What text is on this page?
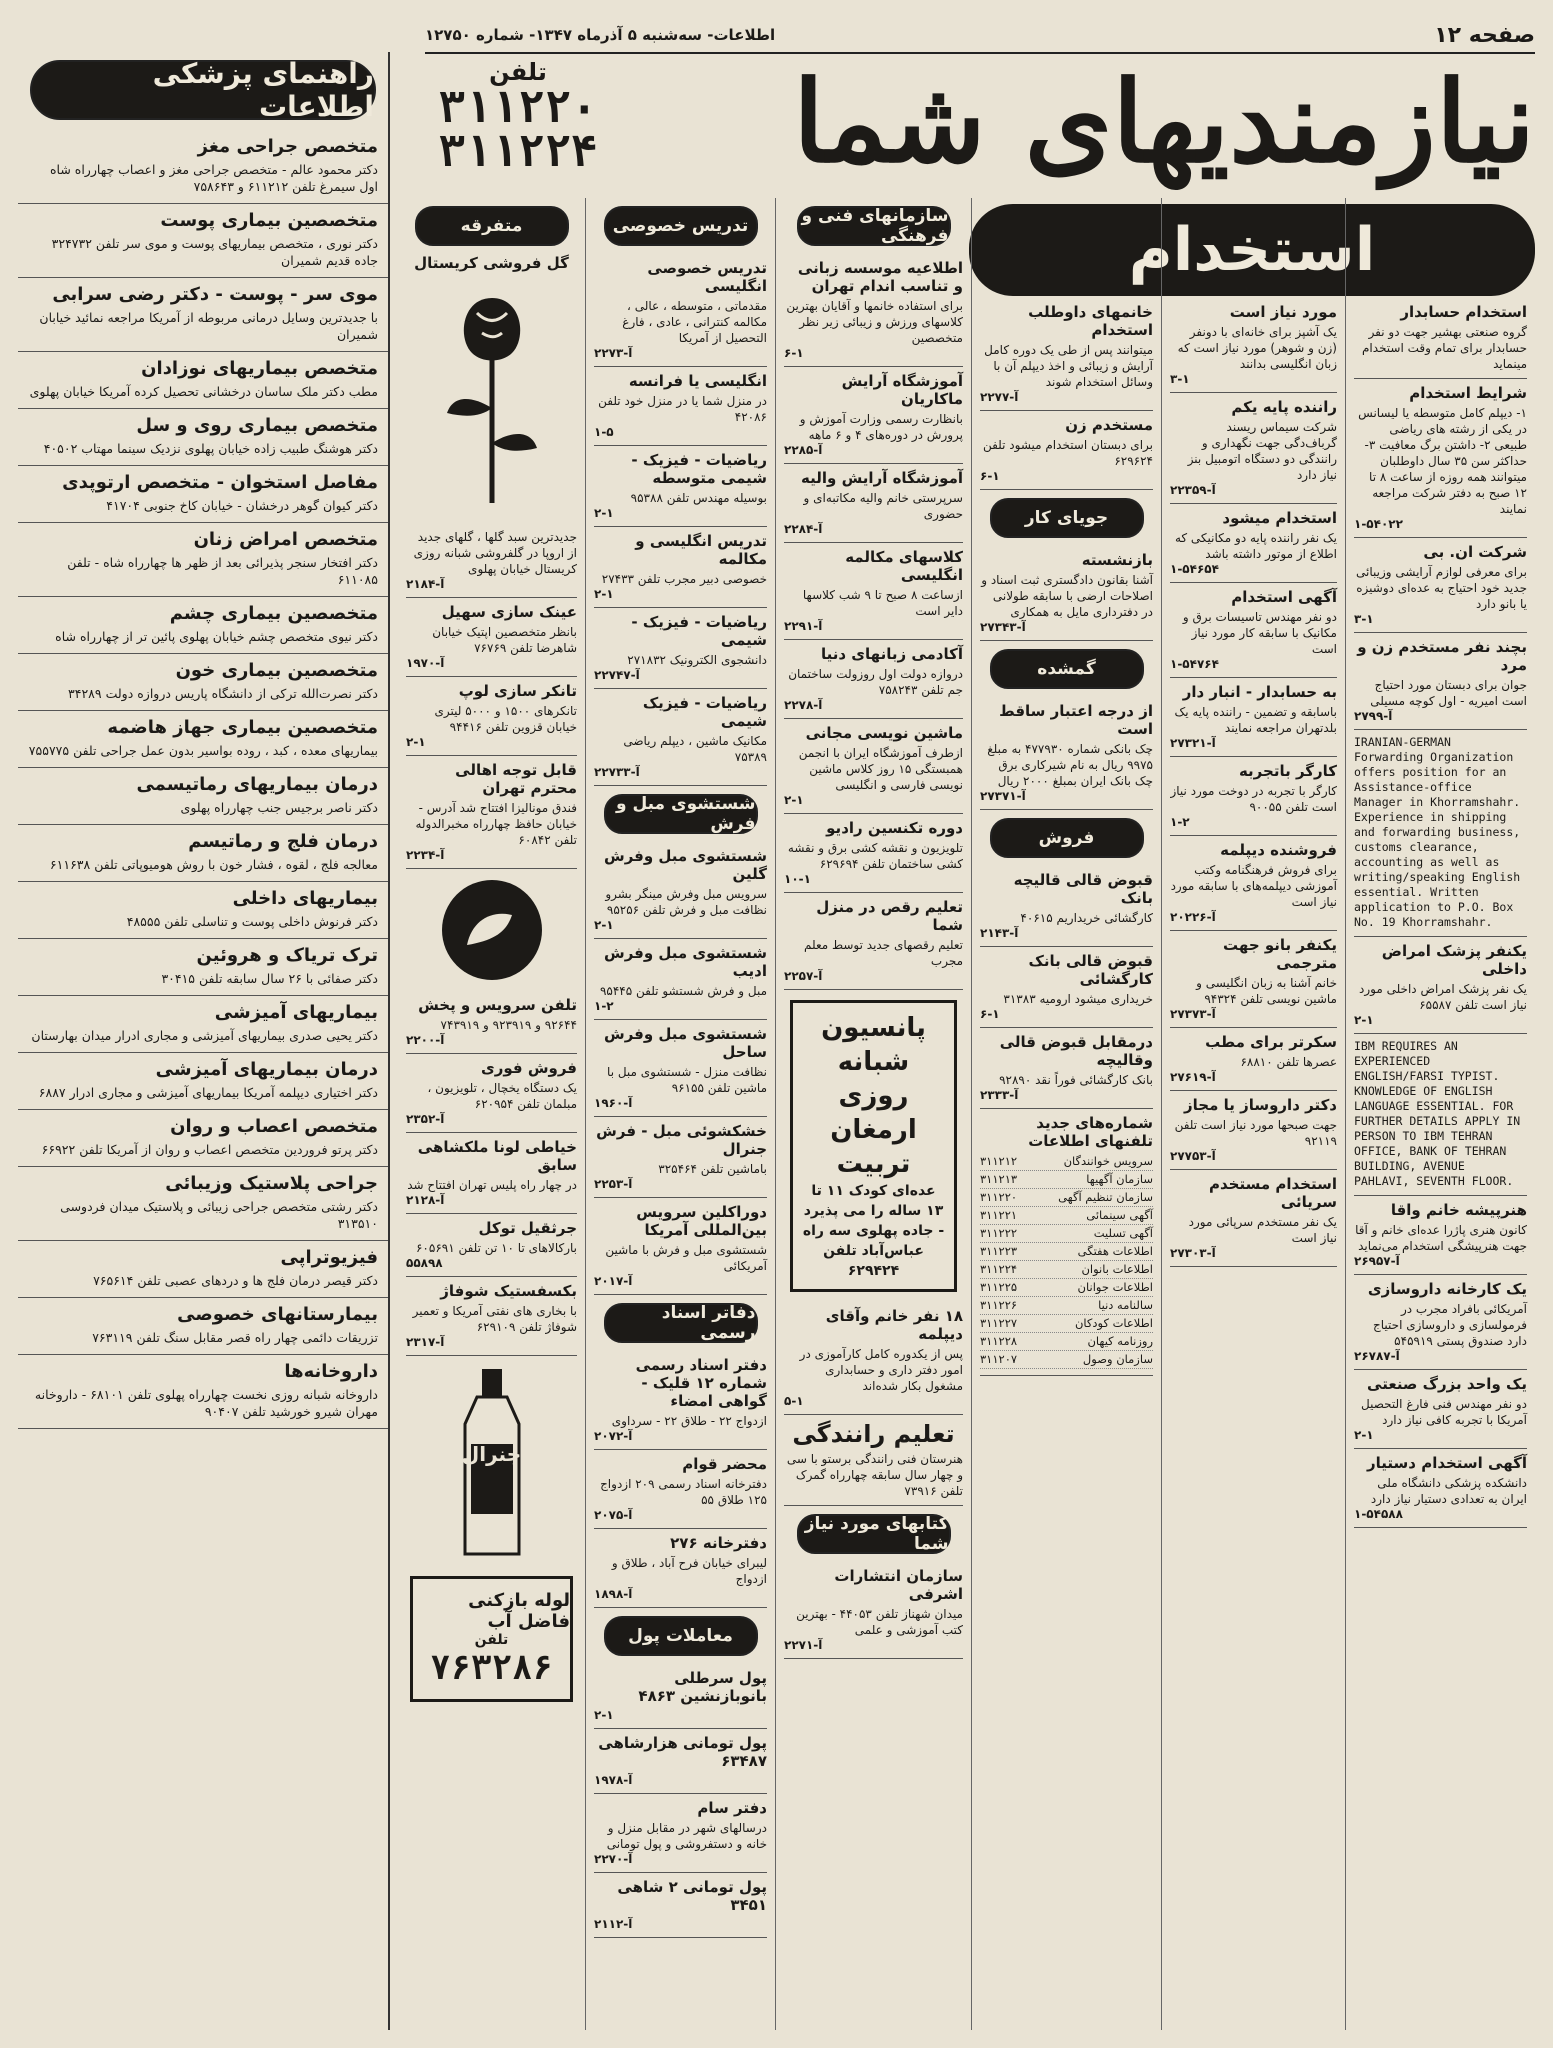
صفحه ۱۲
اطلاعات- سه‌شنبه ۵ آذرماه ۱۳۴۷- شماره ۱۲۷۵۰
نیازمندیهای شما
تلفن
۳۱۱۲۲۰
۳۱۱۲۲۴
راهنمای پزشکی اطلاعات
متخصص جراحی مغز

دکتر محمود عالم - متخصص جراحی مغز و اعصاب چهارراه شاه اول سیمرغ تلفن ۶۱۱۲۱۲ و ۷۵۸۶۴۳

متخصصین بیماری پوست

دکتر نوری ، متخصص بیماریهای پوست و موی سر تلفن ۳۲۴۷۳۲ جاده قدیم شمیران

موی سر - پوست - دکتر رضی سرابی

با جدیدترین وسایل درمانی مربوطه از آمریکا مراجعه نمائید خیابان شمیران

متخصص بیماریهای نوزادان

مطب دکتر ملک ساسان درخشانی تحصیل کرده آمریکا خیابان پهلوی

متخصص بیماری روی و سل

دکتر هوشنگ طبیب زاده خیابان پهلوی نزدیک سینما مهتاب ۴۰۵۰۲

مفاصل استخوان - متخصص ارتوپدی

دکتر کیوان گوهر درخشان - خیابان کاخ جنوبی ۴۱۷۰۴

متخصص امراض زنان

دکتر افتخار سنجر پذیرائی بعد از ظهر ها چهارراه شاه - تلفن ۶۱۱۰۸۵

متخصصین بیماری چشم

دکتر نیوی متخصص چشم خیابان پهلوی پائین تر از چهارراه شاه

متخصصین بیماری خون

دکتر نصرت‌الله ترکی از دانشگاه پاریس دروازه دولت ۳۴۲۸۹

متخصصین بیماری جهاز هاضمه

بیماریهای معده ، کبد ، روده بواسیر بدون عمل جراحی تلفن ۷۵۵۷۷۵

درمان بیماریهای رماتیسمی

دکتر ناصر برجیس جنب چهارراه پهلوی

درمان فلج و رماتیسم

معالجه فلج ، لقوه ، فشار خون با روش هومیوپاتی تلفن ۶۱۱۶۳۸

بیماریهای داخلی

دکتر فرنوش داخلی پوست و تناسلی تلفن ۴۸۵۵۵

ترک تریاک و هروئین

دکتر صفائی با ۲۶ سال سابقه تلفن ۳۰۴۱۵

بیماریهای آمیزشی

دکتر یحیی صدری بیماریهای آمیزشی و مجاری ادرار میدان بهارستان

درمان بیماریهای آمیزشی

دکتر اختیاری دیپلمه آمریکا بیماریهای آمیزشی و مجاری ادرار ۶۸۸۷

متخصص اعصاب و روان

دکتر پرتو فروردین متخصص اعصاب و روان از آمریکا تلفن ۶۶۹۲۲

جراحی پلاستیک وزیبائی

دکتر رشتی متخصص جراحی زیبائی و پلاستیک میدان فردوسی ۳۱۳۵۱۰

فیزیوتراپی

دکتر قیصر درمان فلج ها و دردهای عصبی تلفن ۷۶۵۶۱۴

بیمارستانهای خصوصی

تزریقات دائمی چهار راه قصر مقابل سنگ تلفن ۷۶۳۱۱۹

داروخانه‌ها

داروخانه شبانه روزی نخست چهارراه پهلوی تلفن ۶۸۱۰۱ - داروخانه مهران شیرو خورشید تلفن ۹۰۴۰۷

استخدام
استخدام حسابدار

گروه صنعتی بهشیر جهت دو نفر حسابدار برای تمام وقت استخدام مینماید

شرایط استخدام

۱- دیپلم کامل متوسطه یا لیسانس در یکی از رشته های ریاضی طبیعی ۲- داشتن برگ معافیت ۳- حداکثر سن ۳۵ سال داوطلبان میتوانند همه روزه از ساعت ۸ تا ۱۲ صبح به دفتر شرکت مراجعه نمایند

۱-۵۴۰۲۲
شرکت ان. بی

برای معرفی لوازم آرایشی وزیبائی جدید خود احتیاج به عده‌ای دوشیزه یا بانو دارد

۳-۱
بچند نفر مستخدم زن و مرد

جوان برای دبستان مورد احتیاج است امیریه - اول کوچه مسیلی

۲۷۹۹-آ

IRANIAN-GERMAN Forwarding Organization offers position for an Assistance-office Manager in Khorramshahr. Experience in shipping and forwarding business, customs clearance, accounting as well as writing/speaking English essential. Written application to P.O. Box No. 19 Khorramshahr.

یکنفر پزشک امراض داخلی

یک نفر پزشک امراض داخلی مورد نیاز است تلفن ۶۵۵۸۷

۲-۱

IBM REQUIRES AN EXPERIENCED ENGLISH/FARSI TYPIST. KNOWLEDGE OF ENGLISH LANGUAGE ESSENTIAL. FOR FURTHER DETAILS APPLY IN PERSON TO IBM TEHRAN OFFICE, BANK OF TEHRAN BUILDING, AVENUE PAHLAVI, SEVENTH FLOOR.

هنرپیشه خانم واقا

کانون هنری پاژرا عده‌ای خانم و آقا جهت هنرپیشگی استخدام می‌نماید

۲۶۹۵۷-آ
یک کارخانه داروسازی

آمریکائی بافراد مجرب در فرمولسازی و داروسازی احتیاج دارد صندوق پستی ۵۴۵۹۱۹

۲۶۷۸۷-آ
یک واحد بزرگ صنعتی

دو نفر مهندس فنی فارغ التحصیل آمریکا با تجربه کافی نیاز دارد

۲-۱
آگهی استخدام دستیار

دانشکده پزشکی دانشگاه ملی ایران به تعدادی دستیار نیاز دارد

۱-۵۴۵۸۸
مورد نیاز است

یک آشپز برای خانه‌ای با دونفر (زن و شوهر) مورد نیاز است که زبان انگلیسی بدانند

۳-۱
راننده پایه یکم

شرکت سیماس ریسند گرباف‌دگی جهت نگهداری و رانندگی دو دستگاه اتومبیل بنز نیاز دارد

۲۲۳۵۹-آ
استخدام میشود

یک نفر راننده پایه دو مکانیکی که اطلاع از موتور داشته باشد

۱-۵۴۶۵۴
آگهی استخدام

دو نفر مهندس تاسیسات برق و مکانیک با سابقه کار مورد نیاز است

۱-۵۴۷۶۴
به حسابدار - انبار دار

باسابقه و تضمین - راننده پایه یک بلدتهران مراجعه نمایند

۲۷۳۲۱-آ
کارگر باتجربه

کارگر با تجربه در دوخت مورد نیاز است تلفن ۹۰۰۵۵

۱-۲
فروشنده دیپلمه

برای فروش فرهنگنامه وکتب آموزشی دیپلمه‌های با سابقه مورد نیاز است

۲۰۲۲۶-آ
یکنفر بانو جهت مترجمی

خانم آشنا به زبان انگلیسی و ماشین نویسی تلفن ۹۴۳۲۴

۲۷۳۷۳-آ
سکرتر برای مطب

عصرها تلفن ۶۸۸۱۰

۲۷۶۱۹-آ
دکتر داروساز یا مجاز

جهت صبحها مورد نیاز است تلفن ۹۲۱۱۹

۲۷۷۵۳-آ
استخدام مستخدم سریائی

یک نفر مستخدم سرپائی مورد نیاز است

۲۷۳۰۳-آ
خانمهای داوطلب استخدام

میتوانند پس از طی یک دوره کامل آرایش و زیبائی و اخذ دیپلم آن با وسائل استخدام شوند

۲۲۷۷-آ
مستخدم زن

برای دبستان استخدام میشود تلفن ۶۲۹۶۲۴

۶-۱
جویای کار
بازنشسته

آشنا بقانون دادگستری ثبت اسناد و اصلاحات ارضی با سابقه طولانی در دفترداری مایل به همکاری

۲۷۳۴۳-آ
گمشده
از درجه اعتبار ساقط است

چک بانکی شماره ۴۷۷۹۳۰ به مبلغ ۹۹۷۵ ریال به نام شیرکاری برق چک بانک ایران بمبلغ ۲۰۰۰ ریال

۲۷۳۷۱-آ
فروش
قبوض قالی قالیچه بانک

کارگشائی خریداریم ۴۰۶۱۵

۲۱۴۳-آ
قبوض قالی بانک کارگشائی

خریداری میشود ارومیه ۳۱۳۸۳

۶-۱
درمقابل قبوض قالی وقالیچه

بانک کارگشائی فوراً نقد ۹۲۸۹۰

۲۳۳۳-آ
شماره‌های جدید تلفنهای اطلاعات
سرویس خوانندگان
۳۱۱۲۱۲
سازمان آگهیها
۳۱۱۲۱۳
سازمان تنظیم آگهی
۳۱۱۲۲۰
آگهی سینمائی
۳۱۱۲۲۱
آگهی تسلیت
۳۱۱۲۲۲
اطلاعات هفتگی
۳۱۱۲۲۳
اطلاعات بانوان
۳۱۱۲۲۴
اطلاعات جوانان
۳۱۱۲۲۵
سالنامه دنیا
۳۱۱۲۲۶
اطلاعات کودکان
۳۱۱۲۲۷
روزنامه کیهان
۳۱۱۲۲۸
سازمان وصول
۳۱۱۲۰۷
سازمانهای فنی و فرهنگی
اطلاعیه موسسه زبانی و تناسب اندام تهران

برای استفاده خانمها و آقایان بهترین کلاسهای ورزش و زیبائی زیر نظر متخصصین

۶-۱
آموزشگاه آرایش ماکاریان

بانظارت رسمی وزارت آموزش و پرورش در دوره‌های ۴ و ۶ ماهه

۲۲۸۵-آ
آموزشگاه آرایش والیه

سرپرستی خانم والیه مکاتبه‌ای و حضوری

۲۲۸۴-آ
کلاسهای مکالمه انگلیسی

ازساعت ۸ صبح تا ۹ شب کلاسها دایر است

۲۲۹۱-آ
آکادمی زبانهای دنیا

دروازه دولت اول روزولت ساختمان جم تلفن ۷۵۸۲۴۳

۲۲۷۸-آ
ماشین نویسی مجانی

ازطرف آموزشگاه ایران با انجمن همبستگی ۱۵ روز کلاس ماشین نویسی فارسی و انگلیسی

۲-۱
دوره تکنسین رادیو

تلویزیون و نقشه کشی برق و نقشه کشی ساختمان تلفن ۶۲۹۶۹۴

۱۰-۱
تعلیم رقص در منزل شما

تعلیم رقصهای جدید توسط معلم مجرب

۲۲۵۷-آ
پانسیون شبانه روزی ارمغان تربیت
عده‌ای کودک ۱۱ تا ۱۳ ساله را می پذیرد - جاده پهلوی سه راه عباس‌آباد تلفن ۶۲۹۴۲۴
۱۸ نفر خانم وآقای دیپلمه

پس از یکدوره کامل کارآموزی در امور دفتر داری و حسابداری مشغول بکار شده‌اند

۵-۱
تعلیم رانندگی

هنرستان فنی رانندگی برستو با سی و چهار سال سابقه چهارراه گمرک تلفن ۷۳۹۱۶

کتابهای مورد نیاز شما
سازمان انتشارات اشرفی

میدان شهناز تلفن ۴۴۰۵۳ - بهترین کتب آموزشی و علمی

۲۲۷۱-آ
تدریس خصوصی
تدریس خصوصی انگلیسی

مقدماتی ، متوسطه ، عالی ، مکالمه کنترانی ، عادی ، فارغ التحصیل از آمریکا

۲۲۷۳-آ
انگلیسی یا فرانسه

در منزل شما یا در منزل خود تلفن ۴۲۰۸۶

۱-۵
ریاضیات - فیزیک - شیمی متوسطه

بوسیله مهندس تلفن ۹۵۳۸۸

۲-۱
تدریس انگلیسی و مکالمه

خصوصی دبیر مجرب تلفن ۲۷۴۳۳

۲-۱
ریاضیات - فیزیک - شیمی

دانشجوی الکترونیک ۲۷۱۸۳۲

۲۲۷۴۷-آ
ریاضیات - فیزیک شیمی

مکانیک ماشین ، دیپلم ریاضی ۷۵۳۸۹

۲۲۷۳۳-آ
شستشوی مبل و فرش
شستشوی مبل وفرش گلین

سرویس مبل وفرش مینگر بشرو نظافت مبل و فرش تلفن ۹۵۲۵۶

۲-۱
شستشوی مبل وفرش ادیب

مبل و فرش شستشو تلفن ۹۵۴۴۵

۱-۲
شستشوی مبل وفرش ساحل

نظافت منزل - شستشوی مبل با ماشین تلفن ۹۶۱۵۵

۱۹۶۰-آ
خشکشوئی مبل - فرش جنرال

باماشین تلفن ۳۲۵۴۶۴

۲۲۵۳-آ
دوراکلین سرویس بین‌المللی آمریکا

شستشوی مبل و فرش با ماشین آمریکائی

۲۰۱۷-آ
دفاتر اسناد رسمی
دفتر اسناد رسمی شماره ۱۲ قلیک - گواهی امضاء

ازدواج ۲۲ - طلاق ۲۲ - سرداوی

۲۰۷۲-آ
محضر قوام

دفترخانه اسناد رسمی ۲۰۹ ازدواج ۱۲۵ طلاق ۵۵

۲۰۷۵-آ
دفترخانه ۲۷۶

لیبرای خیابان فرح آباد ، طلاق و ازدواج

۱۸۹۸-آ
معاملات پول
پول سرطلی بانوبازنشین ۴۸۶۳
۲-۱
پول تومانی هزارشاهی ۶۳۴۸۷
۱۹۷۸-آ
دفتر سام

درسالهای شهر در مقابل منزل و خانه و دستفروشی و پول تومانی

۲۲۷۰-آ
پول تومانی ۲ شاهی ۳۴۵۱
۲۱۱۲-آ
متفرقه
گل فروشی کریستال

جدیدترین سبد گلها ، گلهای جدید از اروپا در گلفروشی شبانه روزی کریستال خیابان پهلوی

۲۱۸۴-آ
عینک سازی سهیل

بانظر متخصصین اپتیک خیابان شاهرضا تلفن ۷۶۷۶۹

۱۹۷۰-آ
تانکر سازی لوپ

تانکرهای ۱۵۰۰ و ۵۰۰۰ لیتری خیابان قزوین تلفن ۹۴۴۱۶

۲-۱
قابل توجه اهالی محترم تهران

فندق مونالیزا افتتاح شد آدرس - خیابان حافظ چهارراه مخبرالدوله تلفن ۶۰۸۴۲

۲۲۳۴-آ
تلفن سرویس و پخش

۹۲۶۴۴ و ۹۲۳۹۱۹ و ۷۴۳۹۱۹

۲۲۰۰-آ
فروش فوری

یک دستگاه یخچال ، تلویزیون ، مبلمان تلفن ۶۲۰۹۵۴

۲۳۵۲-آ
خیاطی لونا ملکشاهی سابق

در چهار راه پلیس تهران افتتاح شد

۲۱۲۸-آ
جرثقیل توکل

بارکالاهای تا ۱۰ تن تلفن ۶۰۵۶۹۱

۵۵۸۹۸
بکسفستیک شوفاژ

با بخاری های نفتی آمریکا و تعمیر شوفاژ تلفن ۶۲۹۱۰۹

۲۳۱۷-آ
جنرال
لوله بازکنی فاضل آب
تلفن
۷۶۳۲۸۶
